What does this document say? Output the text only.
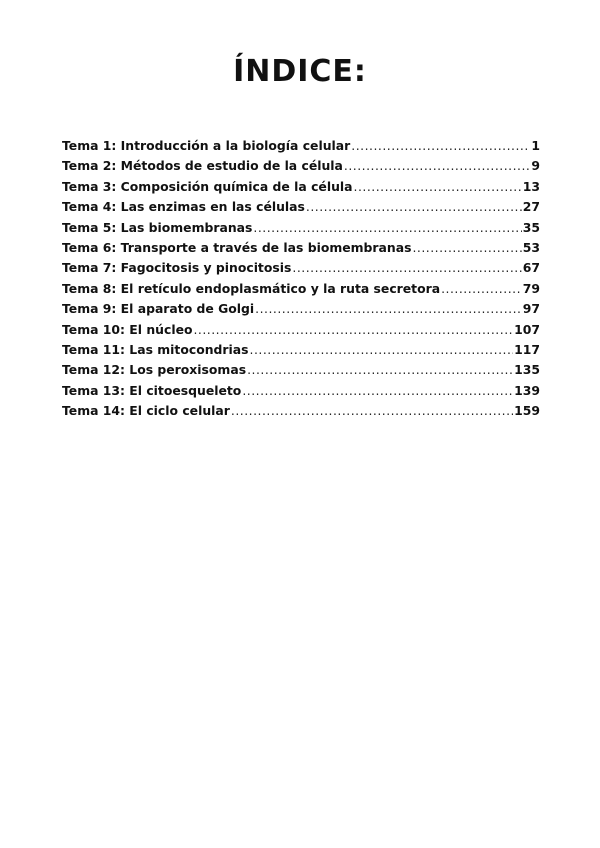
ÍNDICE:
Tema 1: Introducción a la biología celular .....	1
Tema 2: Métodos de estudio de la célula .....	9
Tema 3: Composición química de la célula .....	13
Tema 4: Las enzimas en las células .....	27
Tema 5: Las biomembranas .....	35
Tema 6: Transporte a través de las biomembranas .....	53
Tema 7: Fagocitosis y pinocitosis .....	67
Tema 8: El retículo endoplasmático y la ruta secretora .....	79
Tema 9: El aparato de Golgi .....	97
Tema 10: El núcleo .....	107
Tema 11: Las mitocondrias .....	117
Tema 12: Los peroxisomas .....	135
Tema 13: El citoesqueleto .....	139
Tema 14: El ciclo celular .....	159
